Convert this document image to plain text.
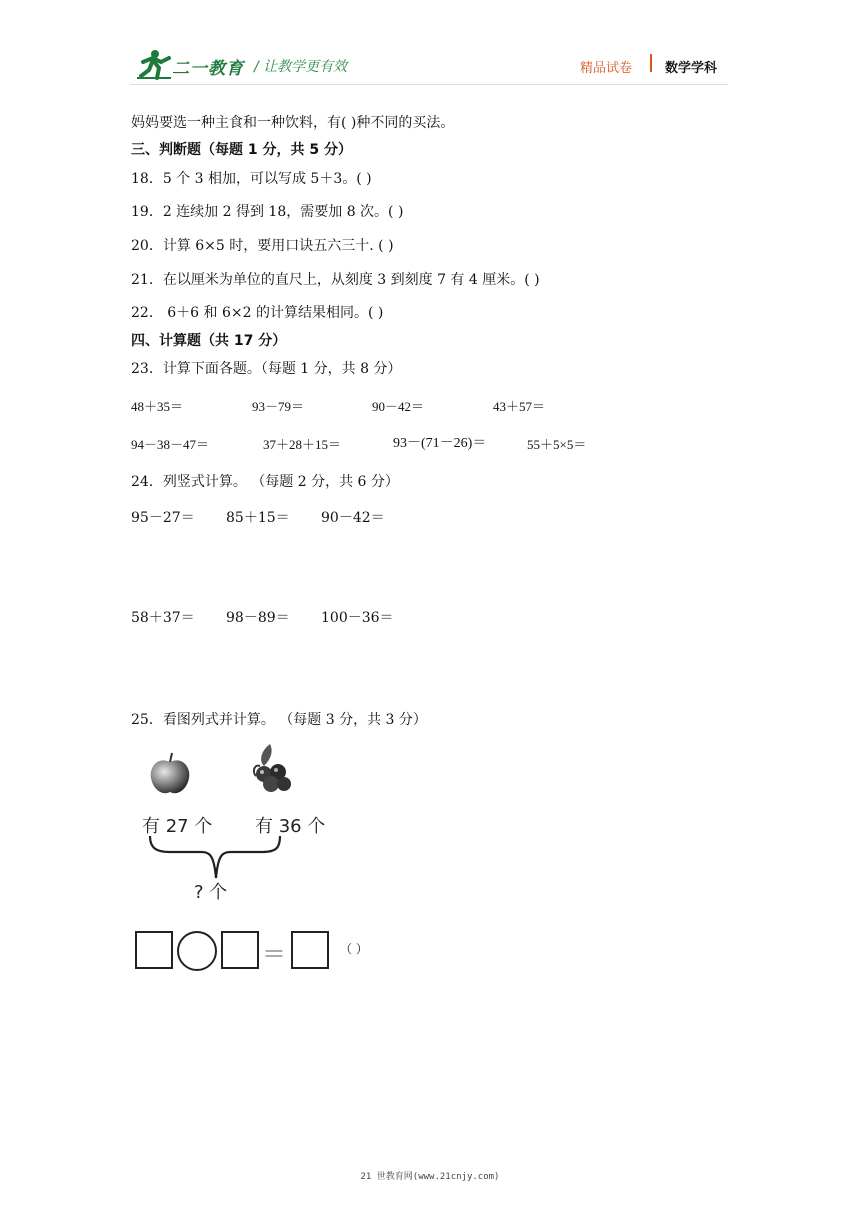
二一教育 / 让教学更有效	精品试卷	数学学科
妈妈要选一种主食和一种饮料，有( )种不同的买法。
三、判断题（每题 1 分，共 5 分）
18．5 个 3 相加，可以写成 5＋3。( )
19．2 连续加 2 得到 18，需要加 8 次。( )
20．计算 6×5 时，要用口诀五六三十. ( )
21．在以厘米为单位的直尺上，从刻度 3 到刻度 7 有 4 厘米。( )
22． 6＋6 和 6×2 的计算结果相同。( )
四、计算题（共 17 分）
23．计算下面各题。（每题 1 分，共 8 分）
48＋35＝	93－79＝	90－42＝	43＋57＝
94－38－47＝	37＋28＋15＝	93－(71－26)＝	55＋5×5＝
24．列竖式计算。 （每题 2 分，共 6 分）
95－27＝ 85＋15＝ 90－42＝
58＋37＝ 98－89＝ 100－36＝
25．看图列式并计算。 （每题 3 分，共 3 分）
有 27 个 有 36 个
? 个
＝	（ ）
21 世教育网(www.21cnjy.com)
